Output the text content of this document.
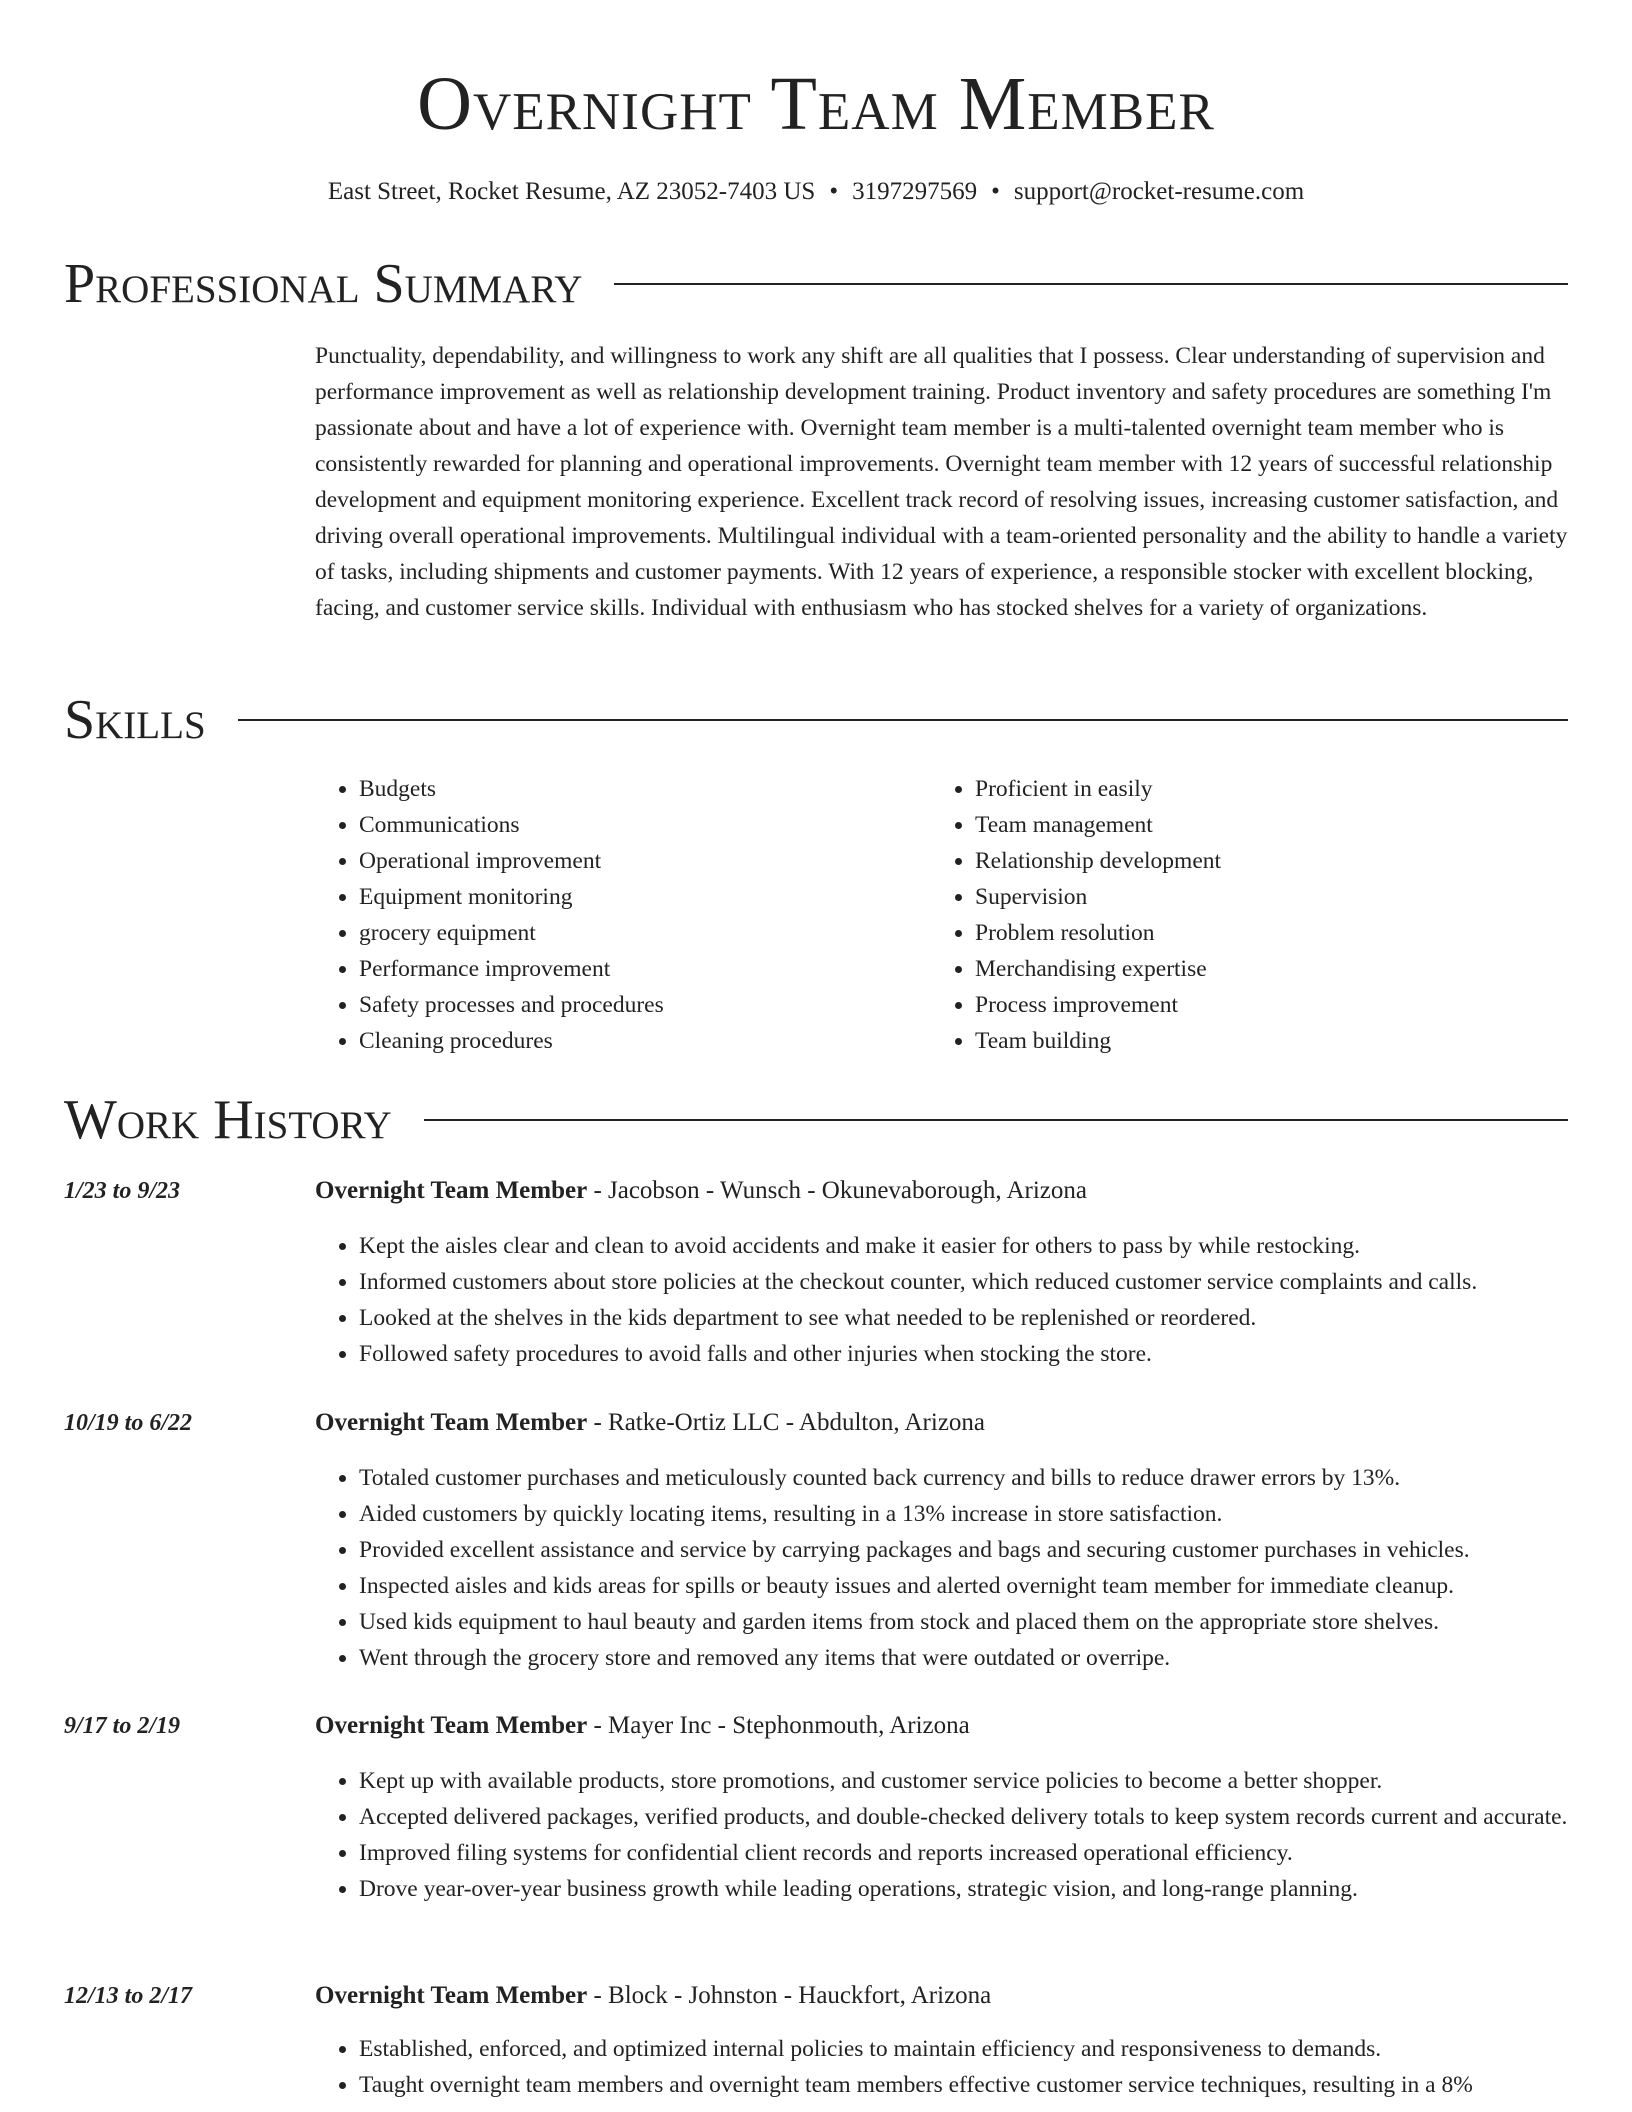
Overnight Team Member
East Street, Rocket Resume, AZ 23052-7403 US • 3197297569 • support@rocket-resume.com
Professional Summary

Punctuality, dependability, and willingness to work any shift are all qualities that I possess. Clear understanding of supervision and performance improvement as well as relationship development training. Product inventory and safety procedures are something I'm passionate about and have a lot of experience with. Overnight team member is a multi-talented overnight team member who is consistently rewarded for planning and operational improvements. Overnight team member with 12 years of successful relationship development and equipment monitoring experience. Excellent track record of resolving issues, increasing customer satisfaction, and driving overall operational improvements. Multilingual individual with a team-oriented personality and the ability to handle a variety of tasks, including shipments and customer payments. With 12 years of experience, a responsible stocker with excellent blocking, facing, and customer service skills. Individual with enthusiasm who has stocked shelves for a variety of organizations.

Skills
• Budgets
• Communications
• Operational improvement
• Equipment monitoring
• grocery equipment
• Performance improvement
• Safety processes and procedures
• Cleaning procedures
• Proficient in easily
• Team management
• Relationship development
• Supervision
• Problem resolution
• Merchandising expertise
• Process improvement
• Team building
Work History
1/23 to 9/23	Overnight Team Member - Jacobson - Wunsch - Okunevaborough, Arizona
• Kept the aisles clear and clean to avoid accidents and make it easier for others to pass by while restocking.
• Informed customers about store policies at the checkout counter, which reduced customer service complaints and calls.
• Looked at the shelves in the kids department to see what needed to be replenished or reordered.
• Followed safety procedures to avoid falls and other injuries when stocking the store.
10/19 to 6/22	Overnight Team Member - Ratke-Ortiz LLC - Abdulton, Arizona
• Totaled customer purchases and meticulously counted back currency and bills to reduce drawer errors by 13%.
• Aided customers by quickly locating items, resulting in a 13% increase in store satisfaction.
• Provided excellent assistance and service by carrying packages and bags and securing customer purchases in vehicles.
• Inspected aisles and kids areas for spills or beauty issues and alerted overnight team member for immediate cleanup.
• Used kids equipment to haul beauty and garden items from stock and placed them on the appropriate store shelves.
• Went through the grocery store and removed any items that were outdated or overripe.
9/17 to 2/19	Overnight Team Member - Mayer Inc - Stephonmouth, Arizona
• Kept up with available products, store promotions, and customer service policies to become a better shopper.
• Accepted delivered packages, verified products, and double-checked delivery totals to keep system records current and accurate.
• Improved filing systems for confidential client records and reports increased operational efficiency.
• Drove year-over-year business growth while leading operations, strategic vision, and long-range planning.
12/13 to 2/17	Overnight Team Member - Block - Johnston - Hauckfort, Arizona
• Established, enforced, and optimized internal policies to maintain efficiency and responsiveness to demands.
• Taught overnight team members and overnight team members effective customer service techniques, resulting in a 8%
